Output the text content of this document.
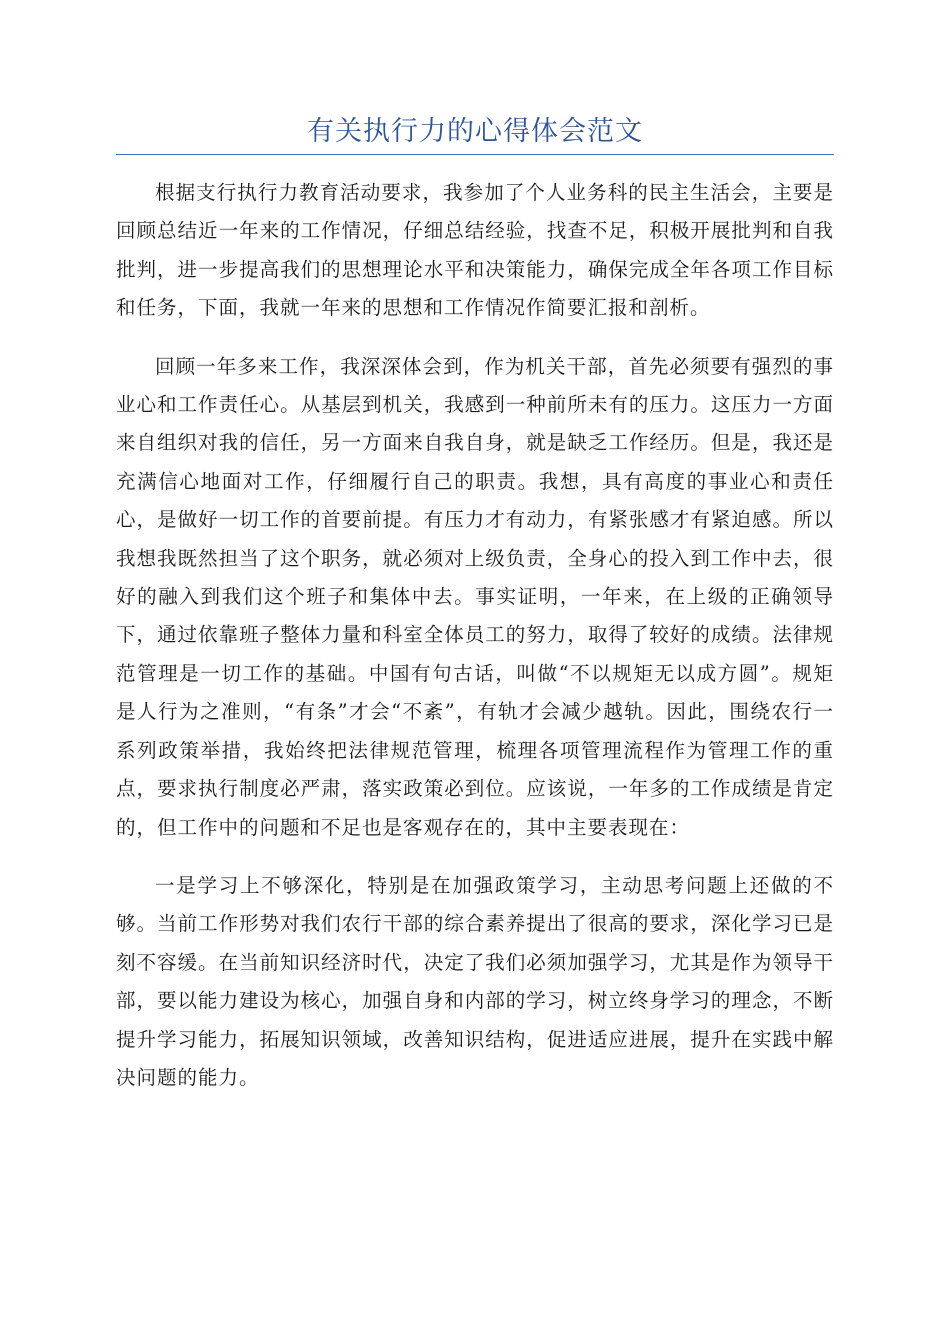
有关执行力的心得体会范文

根据支行执行力教育活动要求，我参加了个人业务科的民主生活会，主要是回顾总结近一年来的工作情况，仔细总结经验，找查不足，积极开展批判和自我批判，进一步提高我们的思想理论水平和决策能力，确保完成全年各项工作目标和任务，下面，我就一年来的思想和工作情况作简要汇报和剖析。

回顾一年多来工作，我深深体会到，作为机关干部，首先必须要有强烈的事业心和工作责任心。从基层到机关，我感到一种前所未有的压力。这压力一方面来自组织对我的信任，另一方面来自我自身，就是缺乏工作经历。但是，我还是充满信心地面对工作，仔细履行自己的职责。我想，具有高度的事业心和责任心，是做好一切工作的首要前提。有压力才有动力，有紧张感才有紧迫感。所以我想我既然担当了这个职务，就必须对上级负责，全身心的投入到工作中去，很好的融入到我们这个班子和集体中去。事实证明，一年来，在上级的正确领导下，通过依靠班子整体力量和科室全体员工的努力，取得了较好的成绩。法律规范管理是一切工作的基础。中国有句古话，叫做“不以规矩无以成方圆”。规矩是人行为之准则，“有条”才会“不紊”，有轨才会减少越轨。因此，围绕农行一系列政策举措，我始终把法律规范管理，梳理各项管理流程作为管理工作的重点，要求执行制度必严肃，落实政策必到位。应该说，一年多的工作成绩是肯定的，但工作中的问题和不足也是客观存在的，其中主要表现在：

一是学习上不够深化，特别是在加强政策学习，主动思考问题上还做的不够。当前工作形势对我们农行干部的综合素养提出了很高的要求，深化学习已是刻不容缓。在当前知识经济时代，决定了我们必须加强学习，尤其是作为领导干部，要以能力建设为核心，加强自身和内部的学习，树立终身学习的理念，不断提升学习能力，拓展知识领域，改善知识结构，促进适应进展，提升在实践中解决问题的能力。
